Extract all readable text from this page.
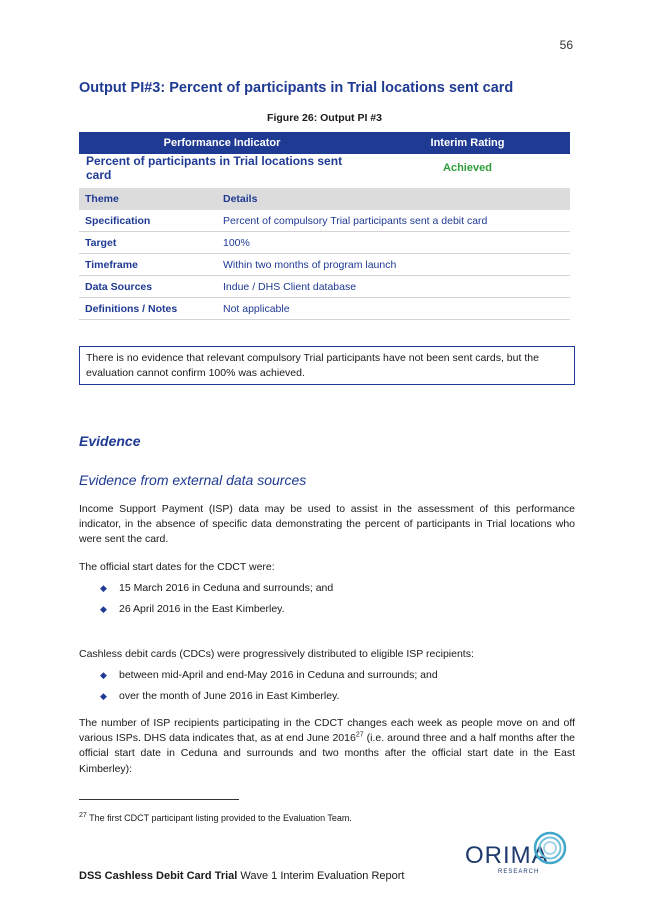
56
Output PI#3: Percent of participants in Trial locations sent card
Figure 26: Output PI #3
Performance Indicator	Interim Rating
Percent of participants in Trial locations sent card	Achieved
Theme	Details
Specification	Percent of compulsory Trial participants sent a debit card
Target	100%
Timeframe	Within two months of program launch
Data Sources	Indue / DHS Client database
Definitions / Notes	Not applicable
There is no evidence that relevant compulsory Trial participants have not been sent cards, but the evaluation cannot confirm 100% was achieved.
Evidence
Evidence from external data sources
Income Support Payment (ISP) data may be used to assist in the assessment of this performance indicator, in the absence of specific data demonstrating the percent of participants in Trial locations who were sent the card.
The official start dates for the CDCT were:
◆ 15 March 2016 in Ceduna and surrounds; and
◆ 26 April 2016 in the East Kimberley.
Cashless debit cards (CDCs) were progressively distributed to eligible ISP recipients:
◆ between mid-April and end-May 2016 in Ceduna and surrounds; and
◆ over the month of June 2016 in East Kimberley.
The number of ISP recipients participating in the CDCT changes each week as people move on and off various ISPs. DHS data indicates that, as at end June 2016$^{27}$ (i.e. around three and a half months after the official start date in Ceduna and surrounds and two months after the official start date in the East Kimberley):
$^{27}$ The first CDCT participant listing provided to the Evaluation Team.
DSS Cashless Debit Card Trial Wave 1 Interim Evaluation Report
ORIMA
RESEARCH
